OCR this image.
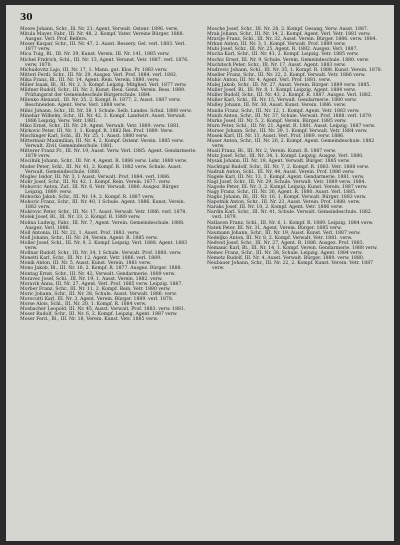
30

Moore Johann, Schr., Ill. Nr. 21, Agent, Verwalt. Ostenr. 1896. verw.

Mitula Mayer, Fabr., III. Nr. 48, 2. Kompf. Vater. Vereine Bürger. 1888. Ausgez. Verl. Prof. Belfers.

Moser Kaspar, Schr., III. Nr. 47, 2. Ausst. Bessery. Gel. verl. 1883. Verl. 1877 verw.

Mica Tuig, Bl., III. Nr. 39, Kunst. Verein. III. Nr. 141, 1885 verw.

Michel Fridrich, Schl., III. Nr. 13, Agent. Veranst. Vetr. 1887. verl. 1876. verw. 1870.

Michailovitz Lajo, III. Nr. 17, 1. Mann. gut. Klos. Pr. 1883 verw.

Mitteri Ferdi, Schr., III. Nr. 29, Ausgez. Verl. Prof. 1884. verl. 1882.

Mika Franz, Bl., III. Nr. 14, Agent. Rein. Verein. 1880. verw.

Miller Isaak, Bl., III. Nr. 2, 3. Kompf. Leipzig. Mitglied. Verl. 1877 verw.

Mildner Rudolf, Schr., III. Nr. 3, Kunst. Reul. Gend. Verein. Bess. 1889. Prüfungsrat der Gemeindeschule Bürgerschule. 1884.

Milenko Alexand., III. Nr. 35, 2. Kompf. R. 1877, 2. Ausst. 1887 verw. Beschneiden. Agent. Verw. Verl. 1888 verw.

Mihic Johann, Schr., III. Nr. 38, 1 Schule. Selb. Landes. Schul. 1888 verw.

Minehar Wilhelm, Schr., III. Nr. 42, 3. Kompf. Landwirt. Ausst. Verwalt. 1886 Leipzig. Verw. Vetr. 1881.

Miko Ernst, Schr., III. Nr. 29, Agent. Verwalt. Vetr. 1889. verw. 1881.

Mirkovic Peter, III. Nr. 1, 1. Kompf. R. 1882 Rei. Prof. 1889. Verw.

Mischinger Karl, Schl., III. Nr. 25, 1. Ausst. 1880 verw.

Mittermair Maximilian, III. Nr. 4, 2. Kompf. Ostenr. Verein. 1885 verw. Verwalt. Zivil. Gemeindeschule. 1881.

Mitterer Franz Fr., III. Nr. 19, Ausst. Verw. Verl. 1885. Agent. Gendarmerie. 1878 verw.

Mocilnik Johann, Schr., III. Nr. 4, Agent. R. 1886 verw. Lehr. 1880 verw.

Moder Peter, Schl., III. Nr. 41, 2. Kompf. R. 1882 verw. Schule. Ausst. Verwalt. Gemeindeschule. 1880.

Moglec Isidor, III. Nr. 3, 1 Ausst. Verwalt. Prof. 1884. verl. 1886.

Mohr Josef, Schr., III. Nr. 42, 1. Kompf. Rein. Verein. 1877. verw.

Mohorcic Anton, Zuf., III. Nr. 6, Vetr. Verwalt. 1886. Ausgez. Bürger. Leipzig. 1889. verw.

Mohorko Jakob, Schr., III. Nr. 14, 2. Kompf. R. 1887 verw.

Mohoric Franz, Schr., III. Nr. 40, 1 Schule. Agent. 1886. Kunst. Verein. 1882 verw.

Mokrovic Peter, Schr., III. Nr. 17, Ausst. Verwalt. Vetr. 1886. verl. 1878.

Molek Josef, Bl., III. Nr. 33, 2. Kompf. R. 1889 verw.

Molina Ludwig, Fabr., III. Nr. 7, Agent. Verein. Gemeindeschule. 1888. Ausgez. Verl. 1886.

Moll Antonia, III. Nr. 22, 1. Ausst. Prof. 1883. verw.

Moll Johann, Schr., III. Nr. 24, Verein. Agent. R. 1885 verw.

Moller Josef, Schl., III. Nr. 9, 2. Kompf. Leipzig. Verl. 1888. Agent. 1883 verw.

Mollnar Rudolf, Schr., III. Nr. 34, 1 Schule. Verwalt. Prof. 1880. verw.

Monetti Karl, Schr., III. Nr. 12, Agent. Vetr. 1886. verl. 1889.

Monik Anton, III. Nr. 5, Ausst. Kunst. Verein. 1881 verw.

Mono Jakob, Bl., III. Nr. 16, 2. Kompf. R. 1877. Ausgez. Bürger. 1888.

Montag Ernst, Schr., III. Nr. 42, Verwalt. Gendarmerie. 1889 verw.

Moravec Josef, Schl., III. Nr. 19, 1. Ausst. Verein. 1882. verw.

Moravik Anna, III. Nr. 27, Agent. Verl. Prof. 1885 verw. Leipzig. 1887.

Morber Franz, Schr., III. Nr. 11, 2. Kompf. Rein. Vetr. 1880 verw.

Moric Johann, Schr., III. Nr. 38, Schule. Ausst. Verwalt. 1886. verw.

Morocutti Karl, III. Nr. 3, Agent. Verein. Bürger. 1889. verl. 1878.

Morse Alois, Schl., III. Nr. 20, 1. Kompf. R. 1884 verw.

Mosbacher Leopold, III. Nr. 45, Ausst. Verwalt. Prof. 1883. verw. 1881.

Moser Rudolf, Schr., III. Nr. 6, 2. Kompf. Leipzig. Agent. 1887 verw.

Moser Ferd., Bl., III. Nr. 18, Verein. Kunst. Vetr. 1885 verw.

Mosche Josef, Schr., III. Nr. 28, 2. Kompf. Gesang, Verw. Ausst. 1887.

Mrak Johann, Schr., III. Nr. 14, 2. Kompf. Agent. Verl. Vetr. 1881 verw.

Mravlje Franz, Schl., III. Nr. 32, Ausst. Verein. Bürger. 1886. verw. 1884.

Mrkun Anton, III. Nr. 3, 1. Kompf. Verwalt. Prof. 1889 verw.

Mubi Josef, Schr., III. Nr. 25, Agent. R. 1882. Ausgez. Verl. 1887.

Mucha Karl, Schr., III. Nr. 41, 2. Kompf. Leipzig. Vetr. 1885 verw.

Muchic Ernst, III. Nr. 9, Schule. Verein. Gemeindeschule. 1880. verw.

Muchitsch Peter, Schr., III. Nr. 17, Ausst. Agent. 1883 verw.

Mudrovic Johann, Schl., III. Nr. 35, 1. Kompf. R. 1888. Kunst. Verein. 1878.

Mueller Franz, Schr., III. Nr. 22, 2. Kompf. Verwalt. Vetr. 1886 verw.

Muhic Anton, III. Nr. 4, Agent. Verl. Prof. 1881. verw.

Mulej Jakob, Schr., III. Nr. 27, Ausst. Verein. Bürger. 1889 verw. 1885.

Muller Josef, Bl., III. Nr. 8, 1. Kompf. Leipzig. Agent. 1884 verw.

Muller Rudolf, Schr., III. Nr. 43, 2. Kompf. R. 1887. Ausgez. Verl. 1882.

Muller Karl, Schl., III. Nr. 15, Verwalt. Gendarmerie. 1880 verw.

Mulley Johann, III. Nr. 30, Ausst. Kunst. Verein. 1886. verw.

Munda Franz, Schr., III. Nr. 12, 1. Kompf. Agent. Vetr. 1883 verw.

Munih Anton, Schr., III. Nr. 37, Schule. Verwalt. Prof. 1888. verl. 1879.

Murko Josef, III. Nr. 5, 2. Kompf. Verein. Bürger. 1885 verw.

Murn Peter, Schl., III. Nr. 21, Agent. R. 1881. Ausst. Leipzig. 1887 verw.

Mursec Johann, Schr., III. Nr. 39, 1. Kompf. Verwalt. Vetr. 1884 verw.

Musek Karl, III. Nr. 11, Ausst. Verl. Prof. 1889. verw. 1886.

Muser Anton, Schr., III. Nr. 26, 2. Kompf. Agent. Gemeindeschule. 1882 verw.

Musil Franz, Bl., III. Nr. 2, Verein. Kunst. R. 1887 verw.

Mutz Josef, Schr., III. Nr. 34, 1. Kompf. Leipzig. Ausgez. Verl. 1880.

Mysak Johann, III. Nr. 18, Agent. Verwalt. Bürger. 1885 verw.

Nachtigal Rudolf, Schr., III. Nr. 7, 2. Kompf. R. 1883. Vetr. 1888 verw.

Nadrah Anton, Schl., III. Nr. 44, Ausst. Verein. Prof. 1886 verw.

Nagele Karl, III. Nr. 13, 1. Kompf. Agent. Gendarmerie. 1881. verw.

Nagl Josef, Schr., III. Nr. 29, Schule. Verwalt. Vetr. 1889 verw. 1884.

Nagode Peter, III. Nr. 3, 2. Kompf. Leipzig. Kunst. Verein. 1887 verw.

Nagy Franz, Schr., III. Nr. 36, Agent. R. 1880. Ausst. Verl. 1885.

Naglic Johann, Bl., III. Nr. 16, 1. Kompf. Verwalt. Bürger. 1883 verw.

Napotnik Anton, Schr., III. Nr. 23, Ausst. Verein. Prof. 1888. verw.

Naraks Josef, III. Nr. 10, 2. Kompf. Agent. Vetr. 1886 verw.

Nardin Karl, Schr., III. Nr. 41, Schule. Verwalt. Gemeindeschule. 1882. verl. 1879.

Natlacen Franz, Schl., III. Nr. 6, 1. Kompf. R. 1889. Leipzig. 1884 verw.

Natek Peter, III. Nr. 31, Agent. Verein. Bürger. 1885 verw.

Naumann Johann, Schr., III. Nr. 19, Ausst. Kunst. Verl. 1887 verw.

Nedeljko Anton, III. Nr. 8, 2. Kompf. Verwalt. Vetr. 1881. verw.

Nedved Josef, Schr., III. Nr. 27, Agent. R. 1886. Ausgez. Prof. 1883.

Nemanic Karl, Bl., III. Nr. 14, 1. Kompf. Verein. Gendarmerie. 1888 verw.

Nemec Franz, Schr., III. Nr. 38, Schule. Leipzig. Agent. 1884 verw.

Nemetz Rudolf, III. Nr. 4, Ausst. Verwalt. Bürger. 1889. verw. 1880.

Neubauer Johann, Schr., III. Nr. 22, 2. Kompf. Kunst. Verein. Vetr. 1887 verw.
